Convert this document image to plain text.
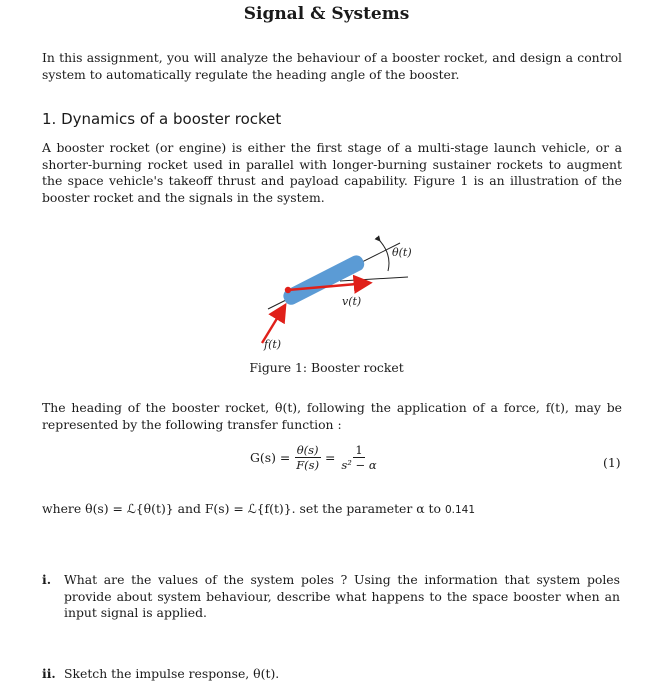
Signal & Systems
In this assignment, you will analyze the behaviour of a booster rocket, and design a control system to automatically regulate the heading angle of the booster.
1. Dynamics of a booster rocket
A booster rocket (or engine) is either the first stage of a multi-stage launch vehicle, or a shorter-burning rocket used in parallel with longer-burning sustainer rockets to augment the space vehicle's takeoff thrust and payload capability. Figure 1 is an illustration of the booster rocket and the signals in the system.
θ(t)
v(t)
f(t)
Figure 1: Booster rocket
The heading of the booster rocket, θ(t), following the application of a force, f(t), may be represented by the following transfer function :
$G(s) = \frac{\theta(s)}{F(s)} = \frac{1}{\text{s² − α}}$	(1)
where θ(s) = ℒ{θ(t)} and F(s) = ℒ{f(t)}. set the parameter α to 0.141
i. What are the values of the system poles ? Using the information that system poles provide about system behaviour, describe what happens to the space booster when an input signal is applied.
ii. Sketch the impulse response, θ(t).
